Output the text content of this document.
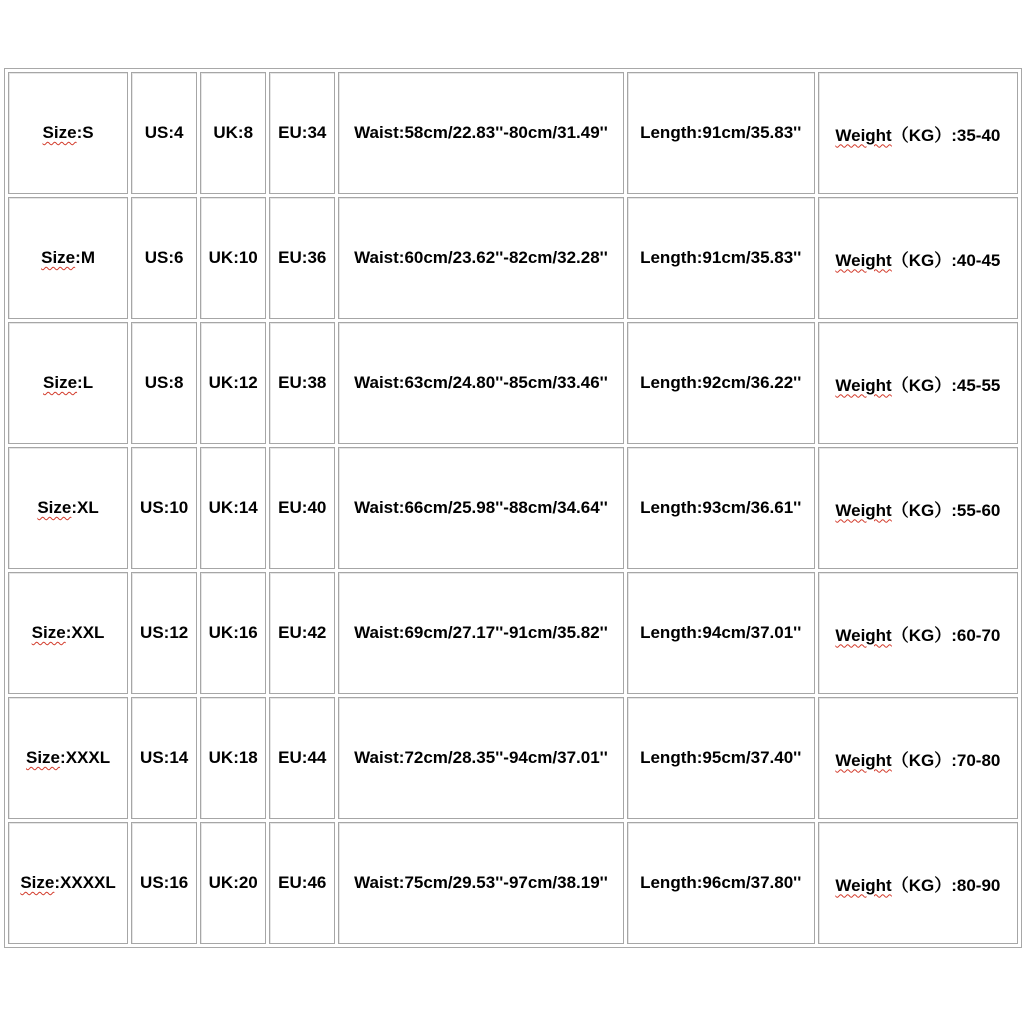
Size:S	US:4	UK:8	EU:34	Waist:58cm/22.83''-80cm/31.49''	Length:91cm/35.83''	Weight（KG）:35-40
Size:M	US:6	UK:10	EU:36	Waist:60cm/23.62''-82cm/32.28''	Length:91cm/35.83''	Weight（KG）:40-45
Size:L	US:8	UK:12	EU:38	Waist:63cm/24.80''-85cm/33.46''	Length:92cm/36.22''	Weight（KG）:45-55
Size:XL	US:10	UK:14	EU:40	Waist:66cm/25.98''-88cm/34.64''	Length:93cm/36.61''	Weight（KG）:55-60
Size:XXL	US:12	UK:16	EU:42	Waist:69cm/27.17''-91cm/35.82''	Length:94cm/37.01''	Weight（KG）:60-70
Size:XXXL	US:14	UK:18	EU:44	Waist:72cm/28.35''-94cm/37.01''	Length:95cm/37.40''	Weight（KG）:70-80
Size:XXXXL	US:16	UK:20	EU:46	Waist:75cm/29.53''-97cm/38.19''	Length:96cm/37.80''	Weight（KG）:80-90
